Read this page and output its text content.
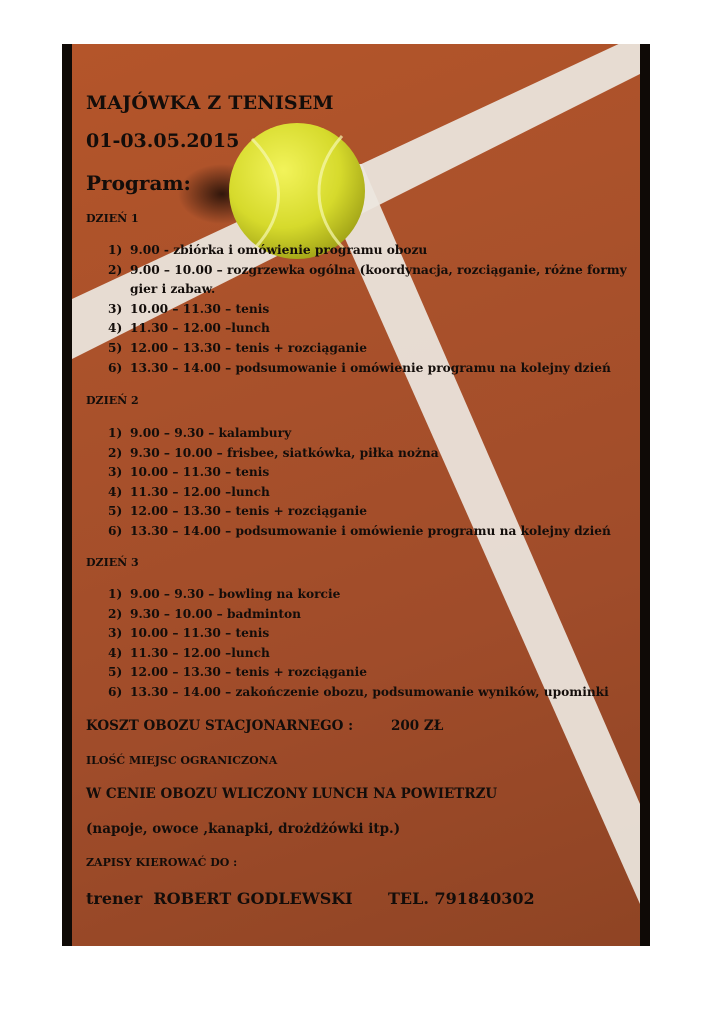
MAJÓWKA Z TENISEM
01-03.05.2015
Program:
DZIEŃ 1
1) 9.00 - zbiórka i omówienie programu obozu
2) 9.00 – 10.00 – rozgrzewka ogólna (koordynacja, rozciąganie, różne formy gier i zabaw.
3) 10.00 – 11.30 – tenis
4) 11.30 – 12.00 –lunch
5) 12.00 – 13.30 – tenis + rozciąganie
6) 13.30 – 14.00 – podsumowanie i omówienie programu na kolejny dzień
DZIEŃ 2
1) 9.00 – 9.30 – kalambury
2) 9.30 – 10.00 – frisbee, siatkówka, piłka nożna
3) 10.00 – 11.30 – tenis
4) 11.30 – 12.00 –lunch
5) 12.00 – 13.30 – tenis + rozciąganie
6) 13.30 – 14.00 – podsumowanie i omówienie programu na kolejny dzień
DZIEŃ 3
1) 9.00 – 9.30 – bowling na korcie
2) 9.30 – 10.00 – badminton
3) 10.00 – 11.30 – tenis
4) 11.30 – 12.00 –lunch
5) 12.00 – 13.30 – tenis + rozciąganie
6) 13.30 – 14.00 – zakończenie obozu, podsumowanie wyników, upominki
KOSZT OBOZU STACJONARNEGO :	200 ZŁ
ILOŚĆ MIEJSC OGRANICZONA
W CENIE OBOZU WLICZONY LUNCH NA POWIETRZU
(napoje, owoce ,kanapki, drożdżówki itp.)
ZAPISY KIEROWAĆ DO :
trener  ROBERT GODLEWSKI TEL. 791840302
